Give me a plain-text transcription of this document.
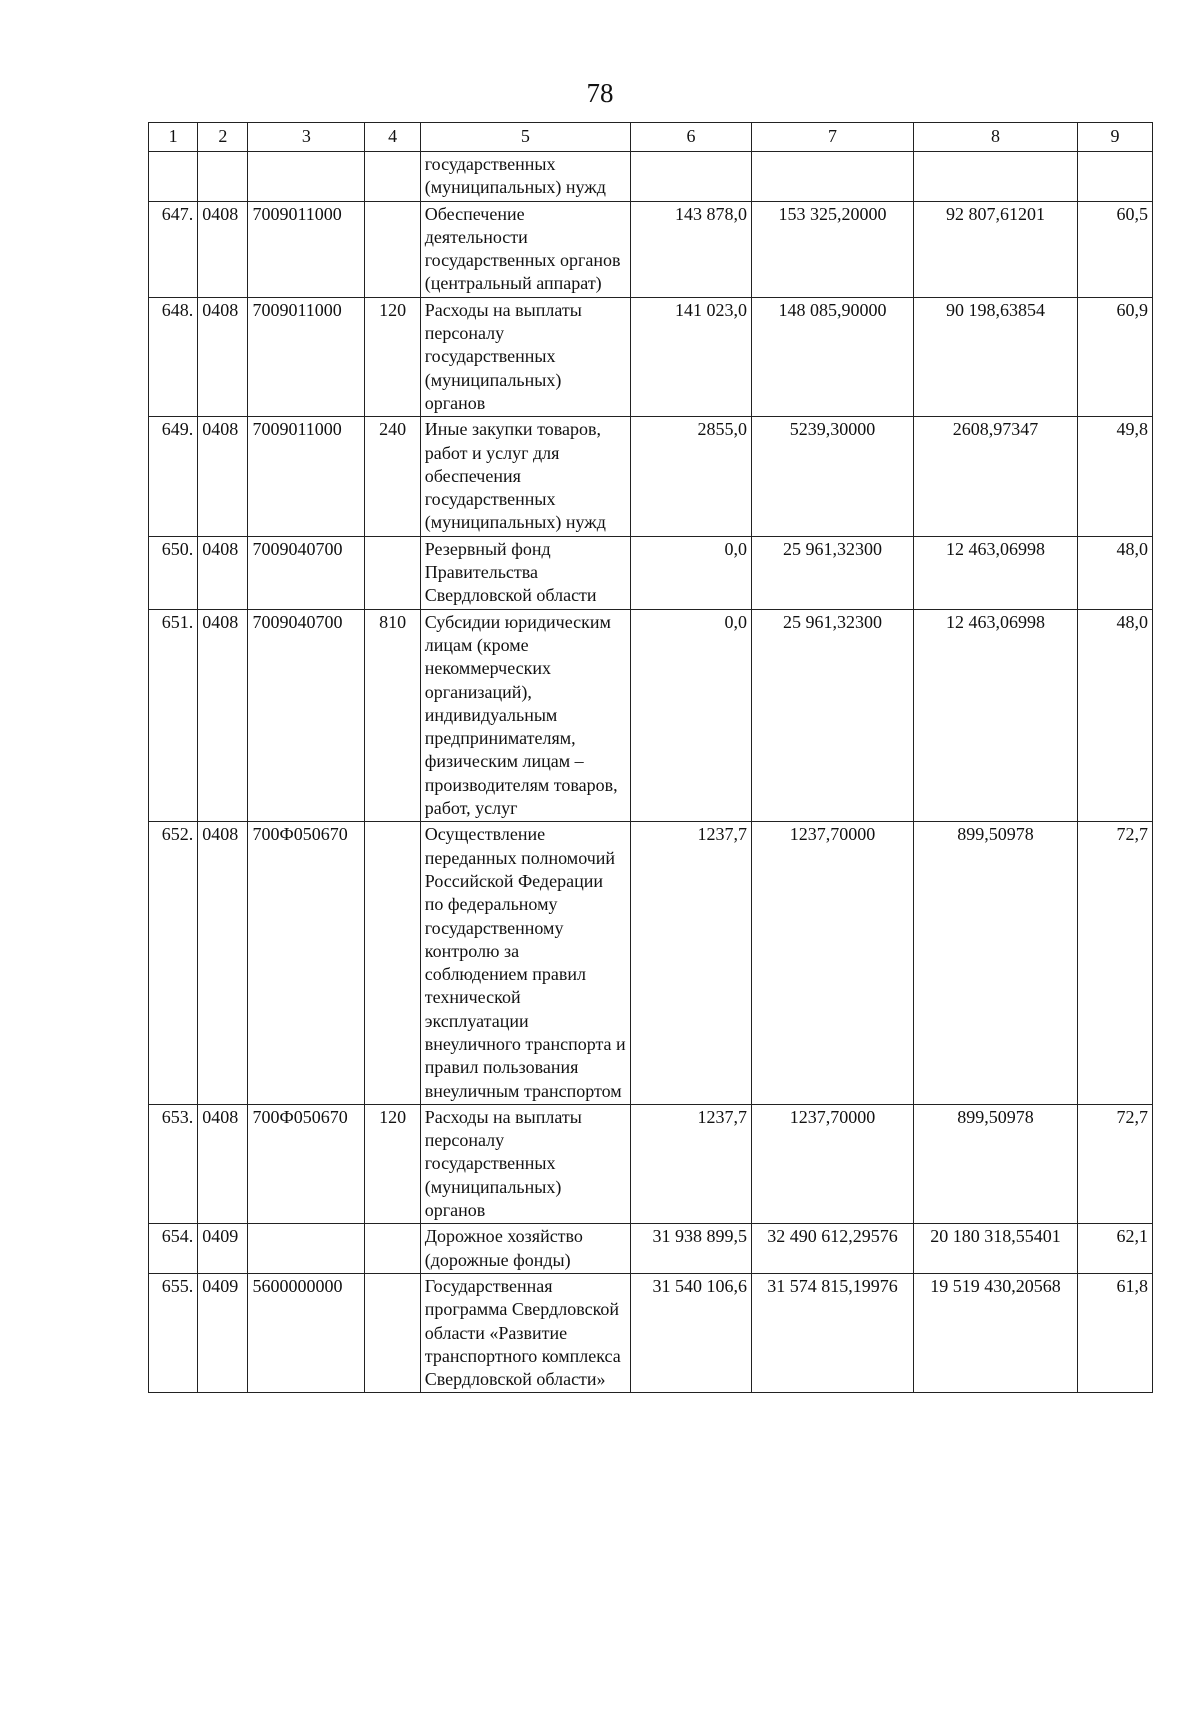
78
1	2	3	4	5	6	7	8	9
				государственных (муниципальных) нужд				
647.	0408	7009011000		Обеспечение деятельности государственных органов (центральный аппарат)	143 878,0	153 325,20000	92 807,61201	60,5
648.	0408	7009011000	120	Расходы на выплаты персоналу государственных (муниципальных) органов	141 023,0	148 085,90000	90 198,63854	60,9
649.	0408	7009011000	240	Иные закупки товаров, работ и услуг для обеспечения государственных (муниципальных) нужд	2855,0	5239,30000	2608,97347	49,8
650.	0408	7009040700		Резервный фонд Правительства Свердловской области	0,0	25 961,32300	12 463,06998	48,0
651.	0408	7009040700	810	Субсидии юридическим лицам (кроме некоммерческих организаций), индивидуальным предпринимателям, физическим лицам – производителям товаров, работ, услуг	0,0	25 961,32300	12 463,06998	48,0
652.	0408	700Ф050670		Осуществление переданных полномочий Российской Федерации по федеральному государственному контролю за соблюдением правил технической эксплуатации внеуличного транспорта и правил пользования внеуличным транспортом	1237,7	1237,70000	899,50978	72,7
653.	0408	700Ф050670	120	Расходы на выплаты персоналу государственных (муниципальных) органов	1237,7	1237,70000	899,50978	72,7
654.	0409			Дорожное хозяйство (дорожные фонды)	31 938 899,5	32 490 612,29576	20 180 318,55401	62,1
655.	0409	5600000000		Государственная программа Свердловской области «Развитие транспортного комплекса Свердловской области»	31 540 106,6	31 574 815,19976	19 519 430,20568	61,8
